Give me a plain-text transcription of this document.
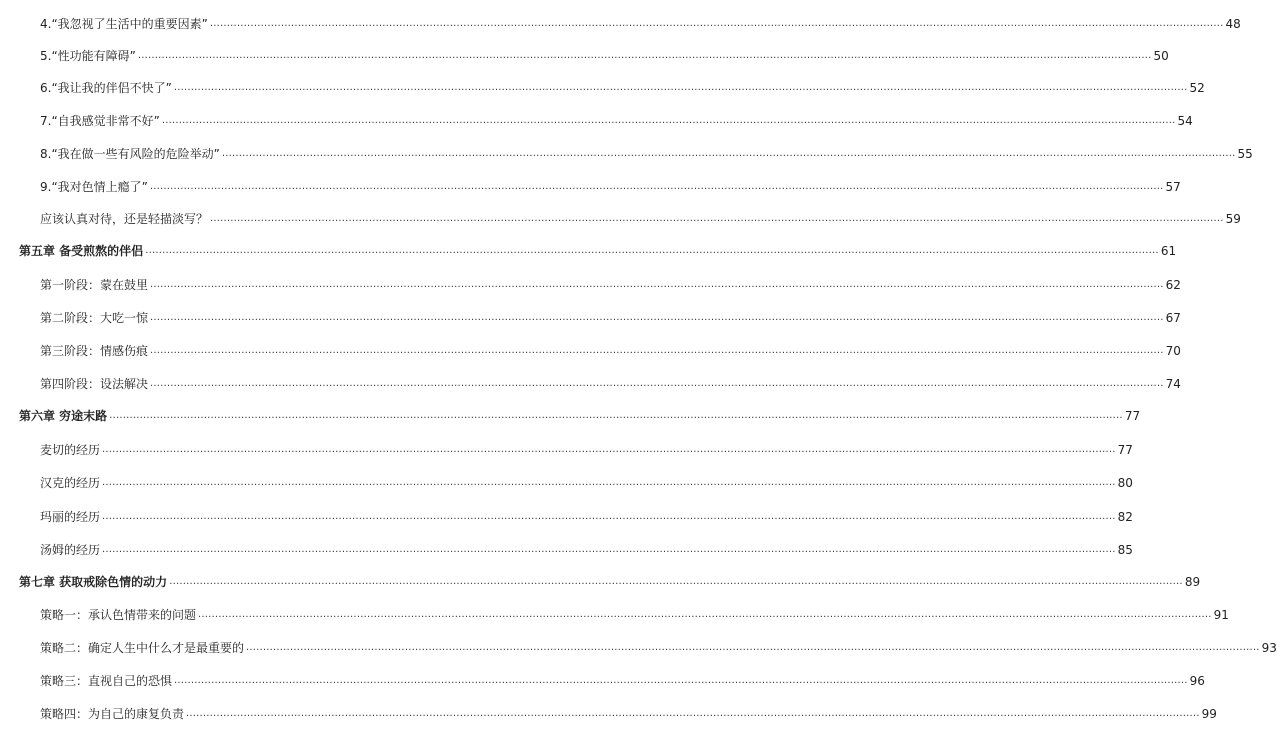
4.“我忽视了生活中的重要因素” ............................................................................................................................................................................................................................................................................................................ 48
5.“性功能有障碍” ............................................................................................................................................................................................................................................................................................................ 50
6.“我让我的伴侣不快了” ............................................................................................................................................................................................................................................................................................................ 52
7.“自我感觉非常不好” ............................................................................................................................................................................................................................................................................................................ 54
8.“我在做一些有风险的危险举动” ............................................................................................................................................................................................................................................................................................................ 55
9.“我对色情上瘾了” ............................................................................................................................................................................................................................................................................................................ 57
应该认真对待，还是轻描淡写？ ............................................................................................................................................................................................................................................................................................................ 59
第五章 备受煎熬的伴侣 ............................................................................................................................................................................................................................................................................................................ 61
第一阶段：蒙在鼓里 ............................................................................................................................................................................................................................................................................................................ 62
第二阶段：大吃一惊 ............................................................................................................................................................................................................................................................................................................ 67
第三阶段：情感伤痕 ............................................................................................................................................................................................................................................................................................................ 70
第四阶段：设法解决 ............................................................................................................................................................................................................................................................................................................ 74
第六章 穷途末路 ............................................................................................................................................................................................................................................................................................................ 77
麦切的经历 ............................................................................................................................................................................................................................................................................................................ 77
汉克的经历 ............................................................................................................................................................................................................................................................................................................ 80
玛丽的经历 ............................................................................................................................................................................................................................................................................................................ 82
汤姆的经历 ............................................................................................................................................................................................................................................................................................................ 85
第七章 获取戒除色情的动力 ............................................................................................................................................................................................................................................................................................................ 89
策略一：承认色情带来的问题 ............................................................................................................................................................................................................................................................................................................ 91
策略二：确定人生中什么才是最重要的 ............................................................................................................................................................................................................................................................................................................ 93
策略三：直视自己的恐惧 ............................................................................................................................................................................................................................................................................................................ 96
策略四：为自己的康复负责 ............................................................................................................................................................................................................................................................................................................ 99
